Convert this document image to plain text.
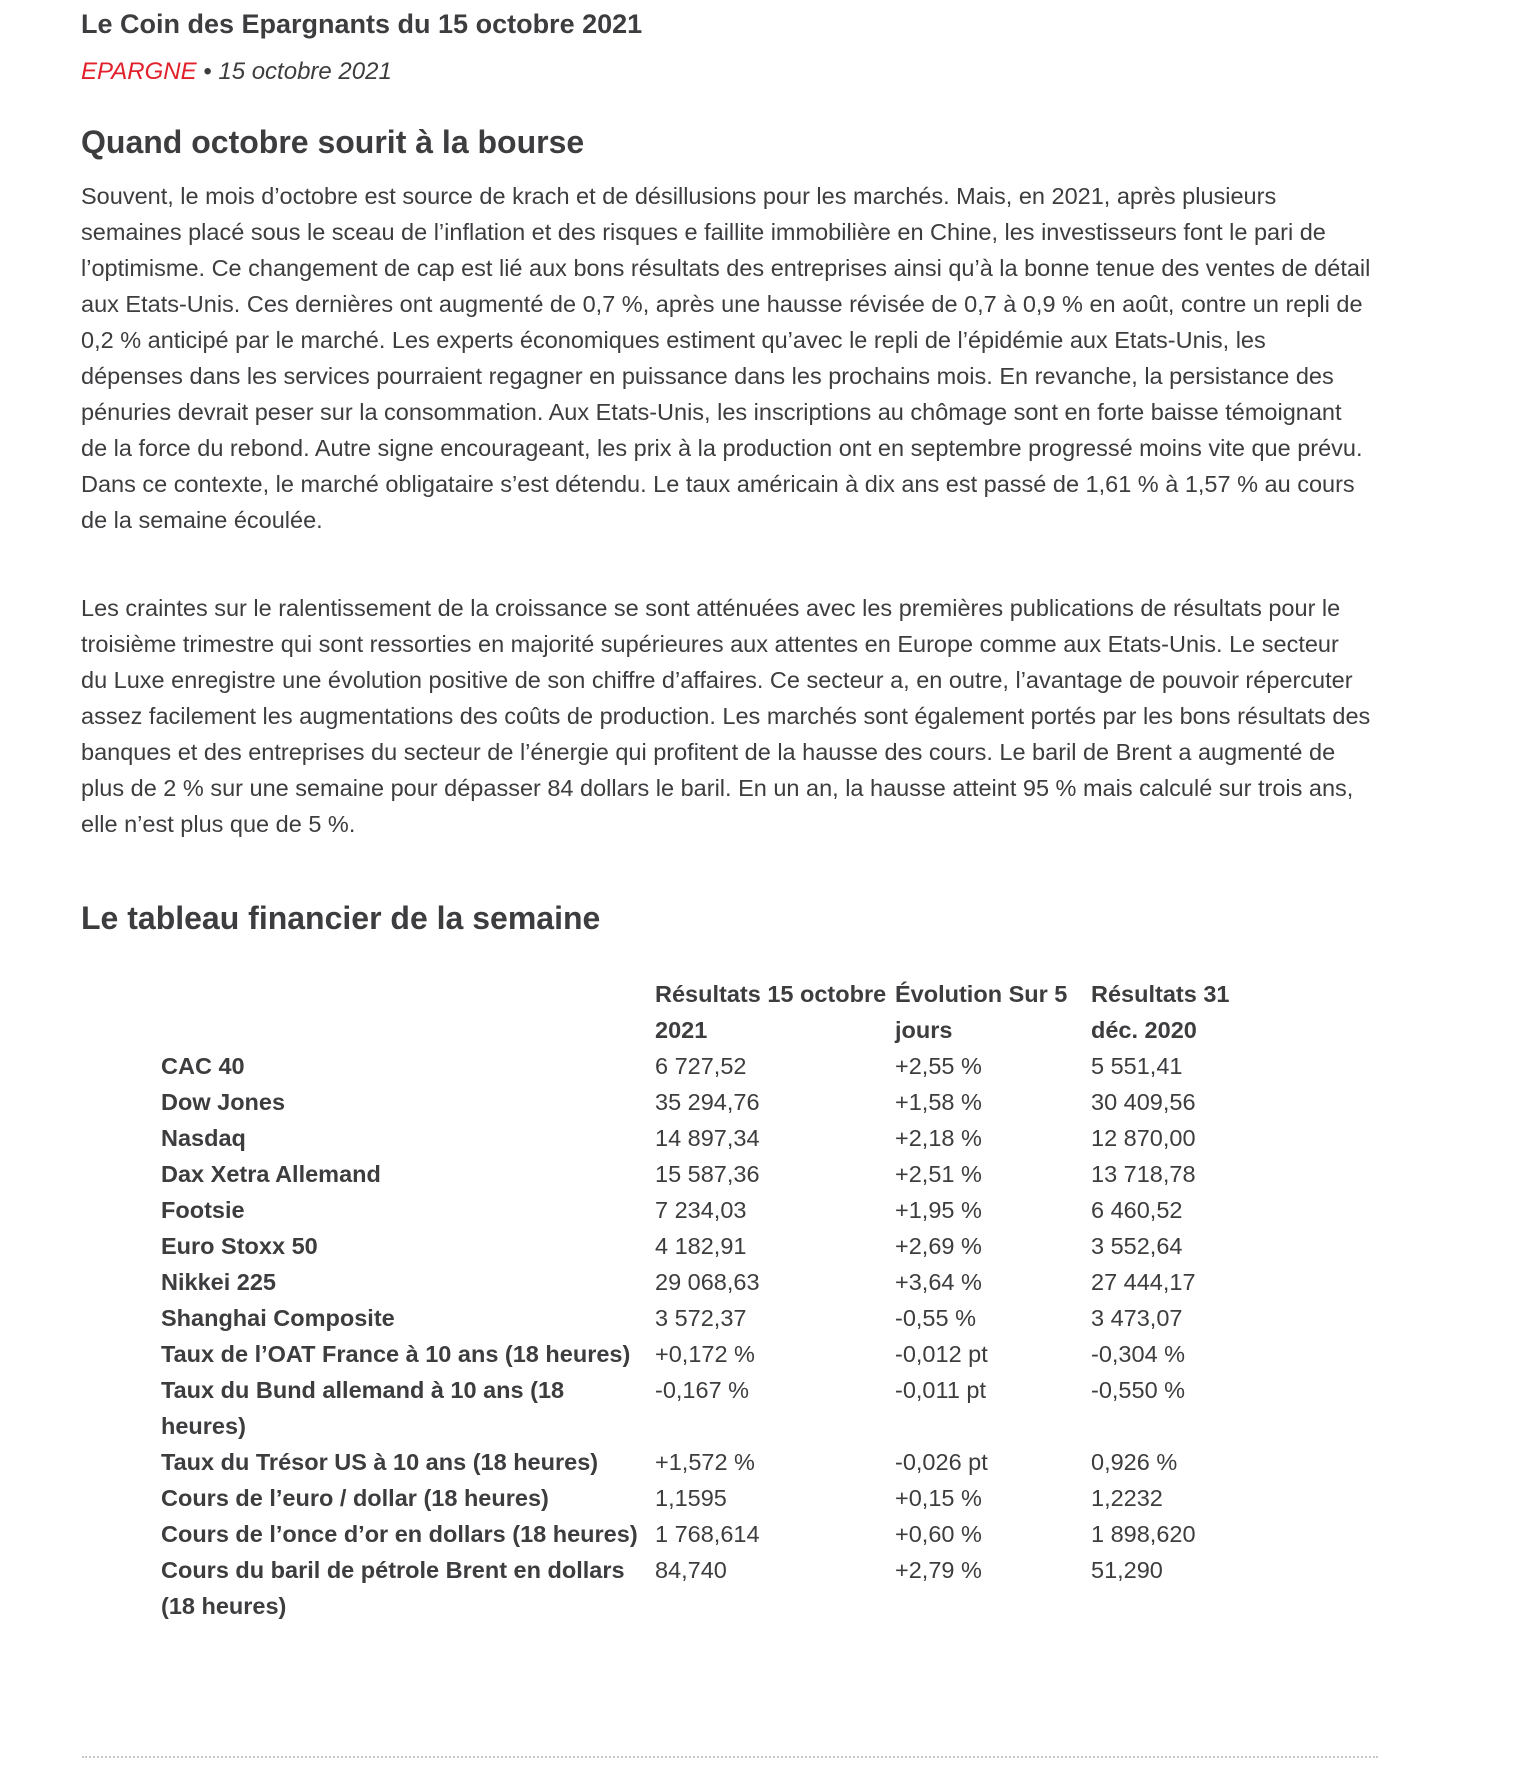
Le Coin des Epargnants du 15 octobre 2021
EPARGNE • 15 octobre 2021
Quand octobre sourit à la bourse

Souvent, le mois d’octobre est source de krach et de désillusions pour les marchés. Mais, en 2021, après plusieurs semaines placé sous le sceau de l’inflation et des risques e faillite immobilière en Chine, les investisseurs font le pari de l’optimisme. Ce changement de cap est lié aux bons résultats des entreprises ainsi qu’à la bonne tenue des ventes de détail aux Etats-Unis. Ces dernières ont augmenté de 0,7 %, après une hausse révisée de 0,7 à 0,9 % en août, contre un repli de 0,2 % anticipé par le marché. Les experts économiques estiment qu’avec le repli de l’épidémie aux Etats-Unis, les dépenses dans les services pourraient regagner en puissance dans les prochains mois. En revanche, la persistance des pénuries devrait peser sur la consommation. Aux Etats-Unis, les inscriptions au chômage sont en forte baisse témoignant de la force du rebond. Autre signe encourageant, les prix à la production ont en septembre progressé moins vite que prévu. Dans ce contexte, le marché obligataire s’est détendu. Le taux américain à dix ans est passé de 1,61 % à 1,57 % au cours de la semaine écoulée.

Les craintes sur le ralentissement de la croissance se sont atténuées avec les premières publications de résultats pour le troisième trimestre qui sont ressorties en majorité supérieures aux attentes en Europe comme aux Etats-Unis. Le secteur du Luxe enregistre une évolution positive de son chiffre d’affaires. Ce secteur a, en outre, l’avantage de pouvoir répercuter assez facilement les augmentations des coûts de production. Les marchés sont également portés par les bons résultats des banques et des entreprises du secteur de l’énergie qui profitent de la hausse des cours. Le baril de Brent a augmenté de plus de 2 % sur une semaine pour dépasser 84 dollars le baril. En un an, la hausse atteint 95 % mais calculé sur trois ans, elle n’est plus que de 5 %.

Le tableau financier de la semaine
	Résultats 15 octobre 2021	Évolution Sur 5 jours	Résultats 31 déc. 2020
CAC 40	6 727,52	+2,55 %	5 551,41
Dow Jones	35 294,76	+1,58 %	30 409,56
Nasdaq	14 897,34	+2,18 %	12 870,00
Dax Xetra Allemand	15 587,36	+2,51 %	13 718,78
Footsie	7 234,03	+1,95 %	6 460,52
Euro Stoxx 50	4 182,91	+2,69 %	3 552,64
Nikkei 225	29 068,63	+3,64 %	27 444,17
Shanghai Composite	3 572,37	-0,55 %	3 473,07
Taux de l’OAT France à 10 ans (18 heures)	+0,172 %	-0,012 pt	-0,304 %
Taux du Bund allemand à 10 ans (18 heures)	-0,167 %	-0,011 pt	-0,550 %
Taux du Trésor US à 10 ans (18 heures)	+1,572 %	-0,026 pt	0,926 %
Cours de l’euro / dollar (18 heures)	1,1595	+0,15 %	1,2232
Cours de l’once d’or en dollars (18 heures)	1 768,614	+0,60 %	1 898,620
Cours du baril de pétrole Brent en dollars (18 heures)	84,740	+2,79 %	51,290
